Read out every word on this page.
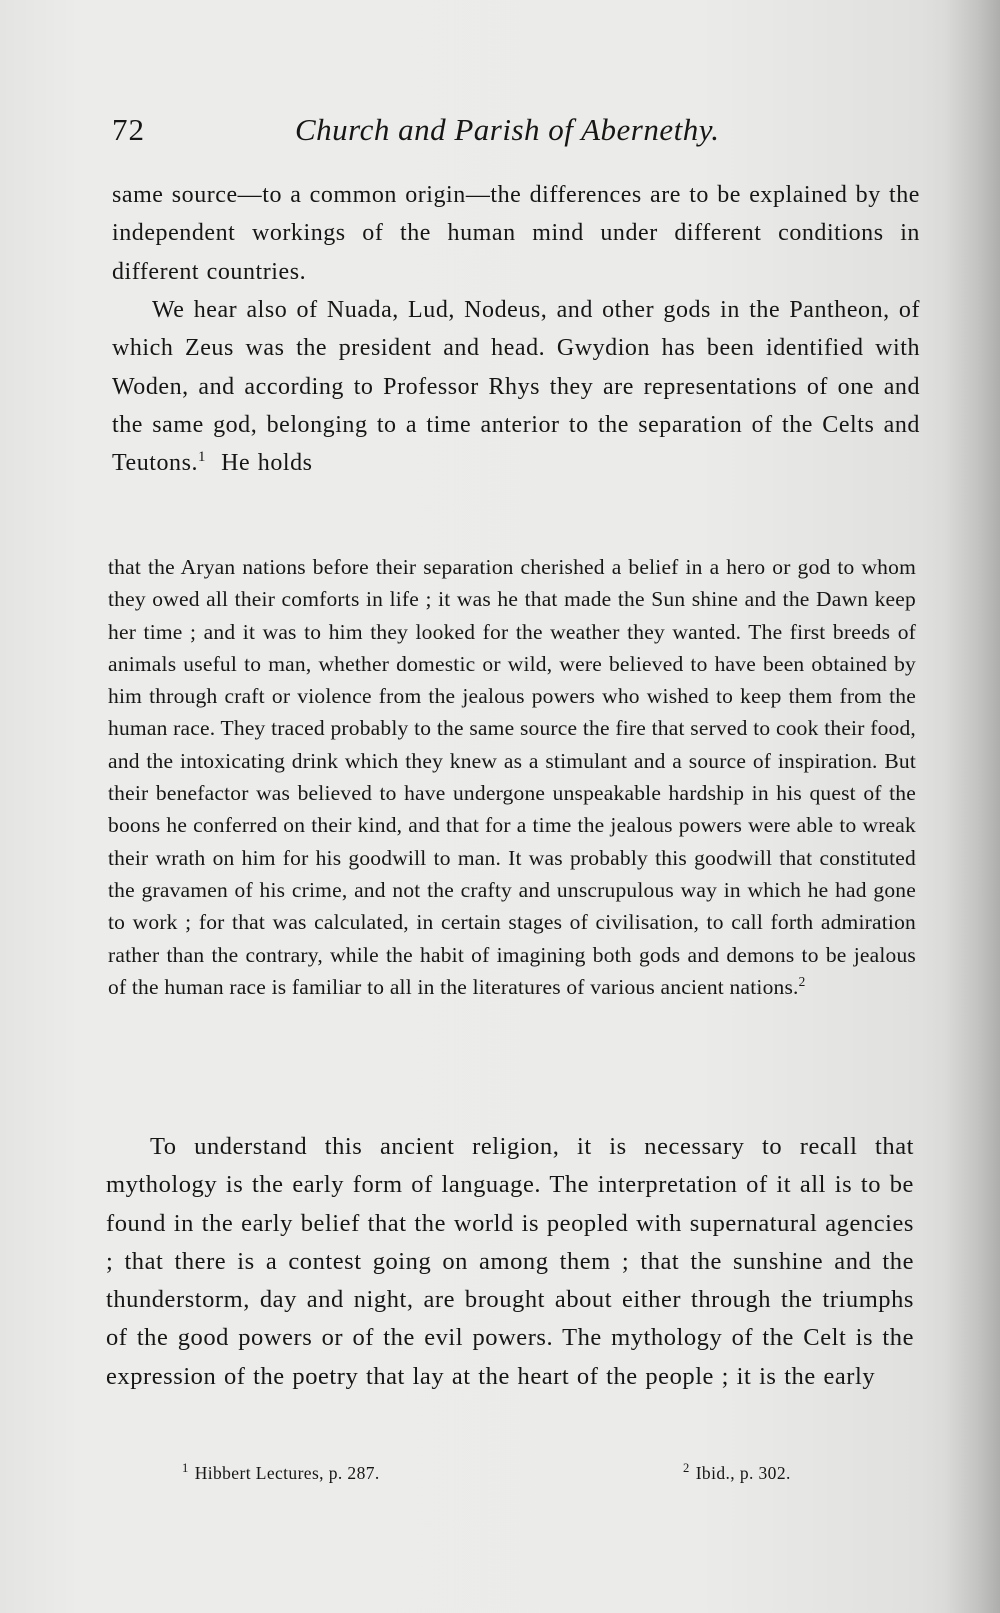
72	Church and Parish of Abernethy.

same source—to a common origin—the differences are to be explained by the independent workings of the human mind under different conditions in different countries.

We hear also of Nuada, Lud, Nodeus, and other gods in the Pantheon, of which Zeus was the president and head. Gwydion has been identified with Woden, and according to Professor Rhys they are representations of one and the same god, belonging to a time anterior to the separation of the Celts and Teutons.$^1$ He holds

that the Aryan nations before their separation cherished a belief in a hero or god to whom they owed all their comforts in life ; it was he that made the Sun shine and the Dawn keep her time ; and it was to him they looked for the weather they wanted. The first breeds of animals useful to man, whether domestic or wild, were believed to have been obtained by him through craft or violence from the jealous powers who wished to keep them from the human race. They traced probably to the same source the fire that served to cook their food, and the intoxicating drink which they knew as a stimulant and a source of inspiration. But their benefactor was believed to have undergone unspeakable hardship in his quest of the boons he conferred on their kind, and that for a time the jealous powers were able to wreak their wrath on him for his goodwill to man. It was probably this goodwill that constituted the gravamen of his crime, and not the crafty and unscrupulous way in which he had gone to work ; for that was calculated, in certain stages of civilisation, to call forth admiration rather than the contrary, while the habit of imagining both gods and demons to be jealous of the human race is familiar to all in the literatures of various ancient nations.$^2$

To understand this ancient religion, it is necessary to recall that mythology is the early form of language. The interpretation of it all is to be found in the early belief that the world is peopled with supernatural agencies ; that there is a contest going on among them ; that the sunshine and the thunderstorm, day and night, are brought about either through the triumphs of the good powers or of the evil powers. The mythology of the Celt is the expression of the poetry that lay at the heart of the people ; it is the early

$^1$ Hibbert Lectures, p. 287.	$^2$ Ibid., p. 302.
